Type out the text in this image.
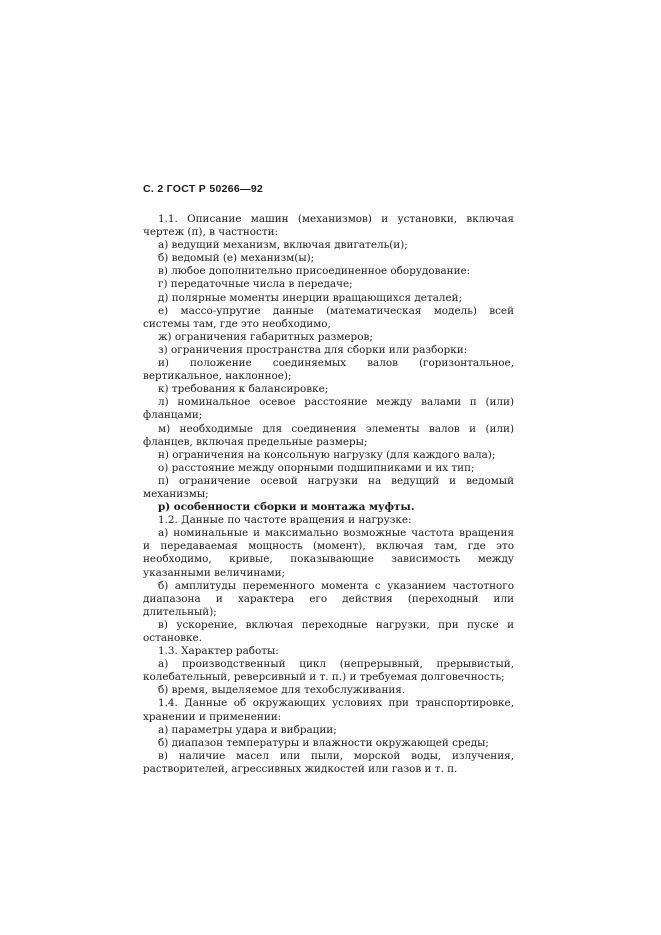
С. 2 ГОСТ Р 50266—92

1.1. Описание машин (механизмов) и установки, включая чертеж (п), в частности:

а) ведущий механизм, включая двигатель(и);

б) ведомый (е) механизм(ы);

в) любое дополнительно присоединенное оборудование:

г) передаточные числа в передаче;

д) полярные моменты инерции вращающихся деталей;

е) массо-упругие данные (математическая модель) всей системы там, где это необходимо,

ж) ограничения габаритных размеров;

з) ограничения пространства для сборки или разборки:

и) положение соединяемых валов (горизонтальное, вертикальное, наклонное);

к) требования к балансировке;

л) номинальное осевое расстояние между валами п (или) фланцами;

м) необходимые для соединения элементы валов и (или) фланцев, включая предельные размеры;

н) ограничения на консольную нагрузку (для каждого вала);

о) расстояние между опорными подшипниками и их тип;

п) ограничение осевой нагрузки на ведущий и ведомый механизмы;

р) особенности сборки и монтажа муфты.

1.2. Данные по частоте вращения и нагрузке:

а) номинальные и максимально возможные частота вращения и передаваемая мощность (момент), включая там, где это необходимо, кривые, показывающие зависимость между указанными величинами;

б) амплитуды переменного момента с указанием частотного диапазона и характера его действия (переходный или длительный);

в) ускорение, включая переходные нагрузки, при пуске и остановке.

1.3. Характер работы:

а) производственный цикл (непрерывный, прерывистый, колебательный, реверсивный и т. п.) и требуемая долговечность;

б) время, выделяемое для техобслуживания.

1.4. Данные об окружающих условиях при транспортировке, хранении и применении:

а) параметры удара и вибрации;

б) диапазон температуры и влажности окружающей среды;

в) наличие масел или пыли, морской воды, излучения, растворителей, агрессивных жидкостей или газов и т. п.
